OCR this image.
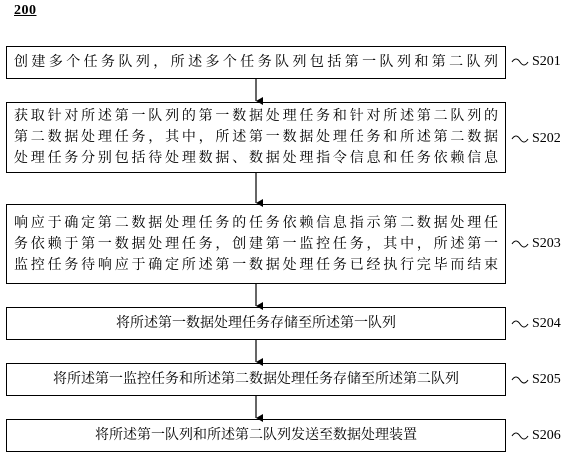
200
创建多个任务队列，所述多个任务队列包括第一队列和第二队列 S201
获取针对所述第一队列的第一数据处理任务和针对所述第二队列的
第二数据处理任务，其中，所述第一数据处理任务和所述第二数据
处理任务分别包括待处理数据、数据处理指令信息和任务依赖信息
S202
响应于确定第二数据处理任务的任务依赖信息指示第二数据处理任
务依赖于第一数据处理任务，创建第一监控任务，其中，所述第一
监控任务待响应于确定所述第一数据处理任务已经执行完毕而结束
S203
将所述第一数据处理任务存储至所述第一队列	S204
将所述第一监控任务和所述第二数据处理任务存储至所述第二队列	S205
将所述第一队列和所述第二队列发送至数据处理装置	S206
